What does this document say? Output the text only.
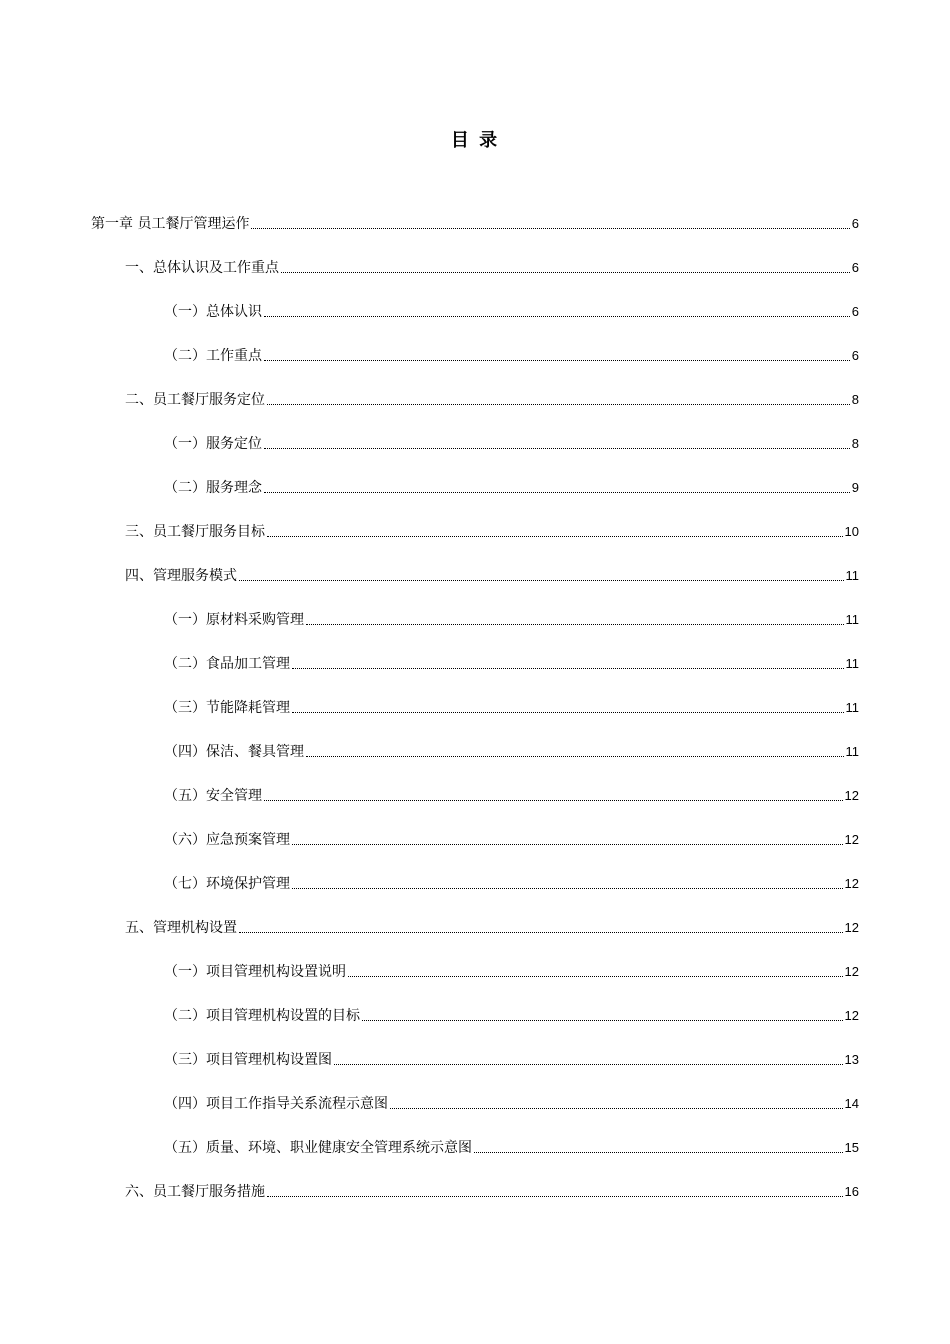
目 录
第一章 员工餐厅管理运作	6
一、总体认识及工作重点	6
（一）总体认识	6
（二）工作重点	6
二、员工餐厅服务定位	8
（一）服务定位	8
（二）服务理念	9
三、员工餐厅服务目标	10
四、管理服务模式	11
（一）原材料采购管理	11
（二）食品加工管理	11
（三）节能降耗管理	11
（四）保洁、餐具管理	11
（五）安全管理	12
（六）应急预案管理	12
（七）环境保护管理	12
五、管理机构设置	12
（一）项目管理机构设置说明	12
（二）项目管理机构设置的目标	12
（三）项目管理机构设置图	13
（四）项目工作指导关系流程示意图	14
（五）质量、环境、职业健康安全管理系统示意图	15
六、员工餐厅服务措施	16
